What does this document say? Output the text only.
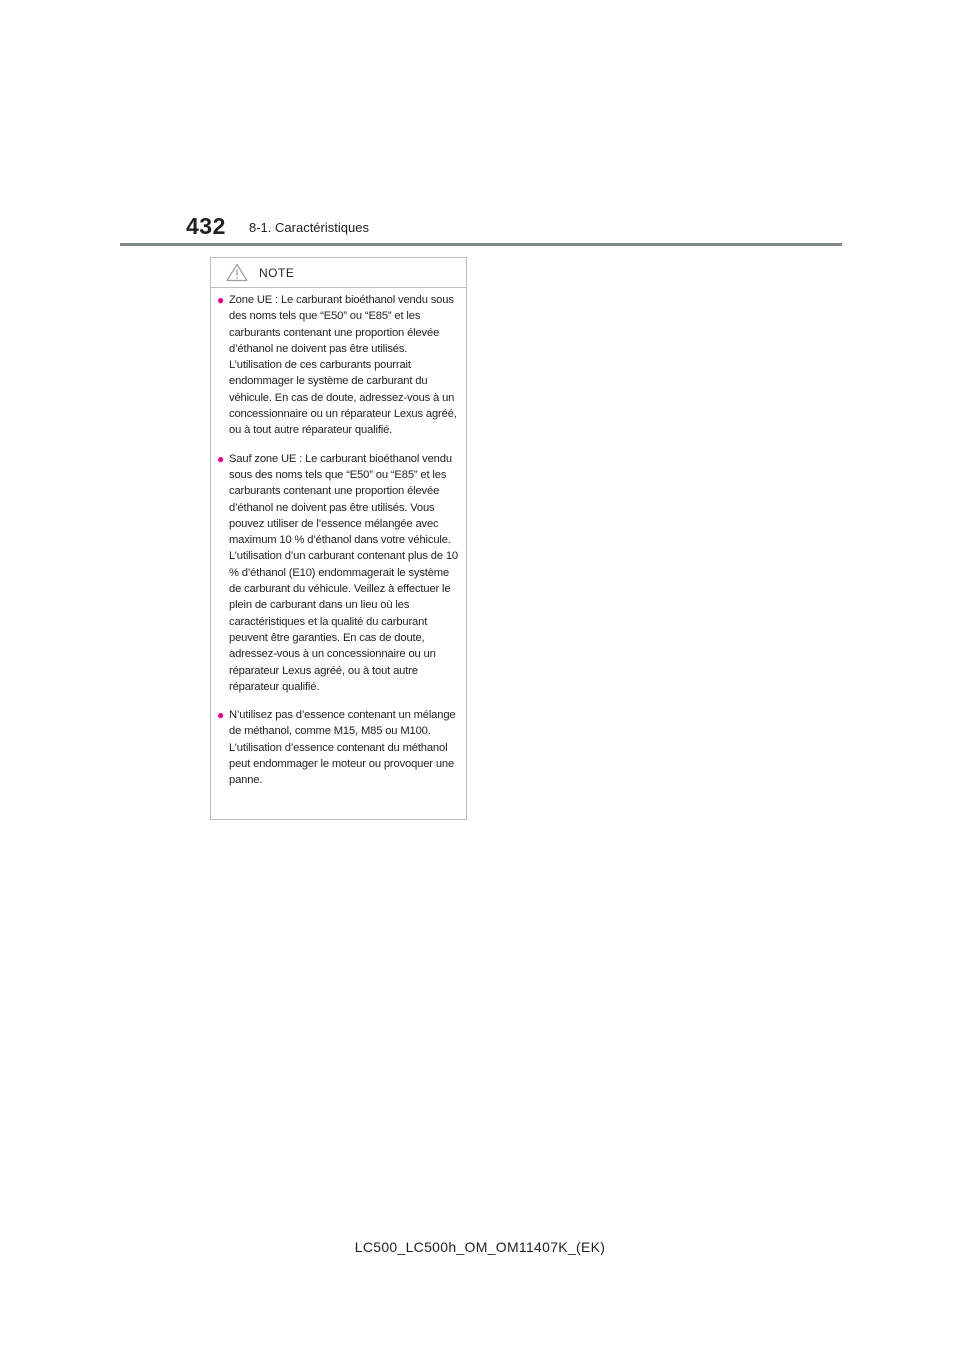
432 8-1. Caractéristiques
NOTE
● Zone UE : Le carburant bioéthanol vendu sous des noms tels que “E50” ou “E85” et les carburants contenant une proportion élevée d’éthanol ne doivent pas être utilisés. L’utilisation de ces carburants pourrait endommager le système de carburant du véhicule. En cas de doute, adressez-vous à un concessionnaire ou un réparateur Lexus agréé, ou à tout autre réparateur qualifié.
● Sauf zone UE : Le carburant bioéthanol vendu sous des noms tels que “E50” ou “E85” et les carburants contenant une proportion élevée d’éthanol ne doivent pas être utilisés. Vous pouvez utiliser de l’essence mélangée avec maximum 10 % d’éthanol dans votre véhicule. L’utilisation d’un carburant contenant plus de 10 % d’éthanol (E10) endommagerait le système de carburant du véhicule. Veillez à effectuer le plein de carburant dans un lieu où les caractéristiques et la qualité du carburant peuvent être garanties. En cas de doute, adressez-vous à un concessionnaire ou un réparateur Lexus agréé, ou à tout autre réparateur qualifié.
● N’utilisez pas d’essence contenant un mélange de méthanol, comme M15, M85 ou M100. L’utilisation d’essence contenant du méthanol peut endommager le moteur ou provoquer une panne.
LC500_LC500h_OM_OM11407K_(EK)
